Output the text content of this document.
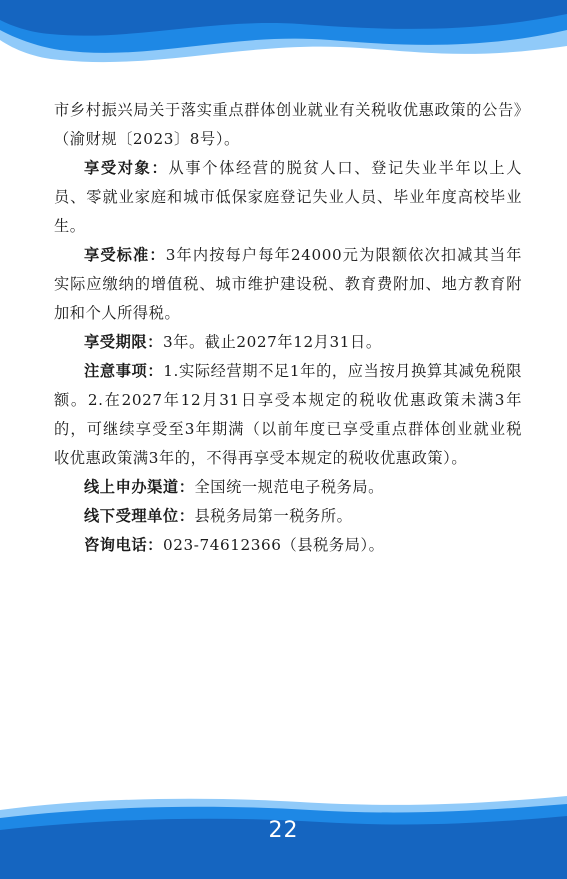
市乡村振兴局关于落实重点群体创业就业有关税收优惠政策的公告》（渝财规〔2023〕8号）。

享受对象：从事个体经营的脱贫人口、登记失业半年以上人员、零就业家庭和城市低保家庭登记失业人员、毕业年度高校毕业生。

享受标准：3年内按每户每年24000元为限额依次扣减其当年实际应缴纳的增值税、城市维护建设税、教育费附加、地方教育附加和个人所得税。

享受期限：3年。截止2027年12月31日。

注意事项：1.实际经营期不足1年的，应当按月换算其减免税限额。2.在2027年12月31日享受本规定的税收优惠政策未满3年的，可继续享受至3年期满（以前年度已享受重点群体创业就业税收优惠政策满3年的，不得再享受本规定的税收优惠政策）。

线上申办渠道：全国统一规范电子税务局。

线下受理单位：县税务局第一税务所。

咨询电话：023-74612366（县税务局）。

22
